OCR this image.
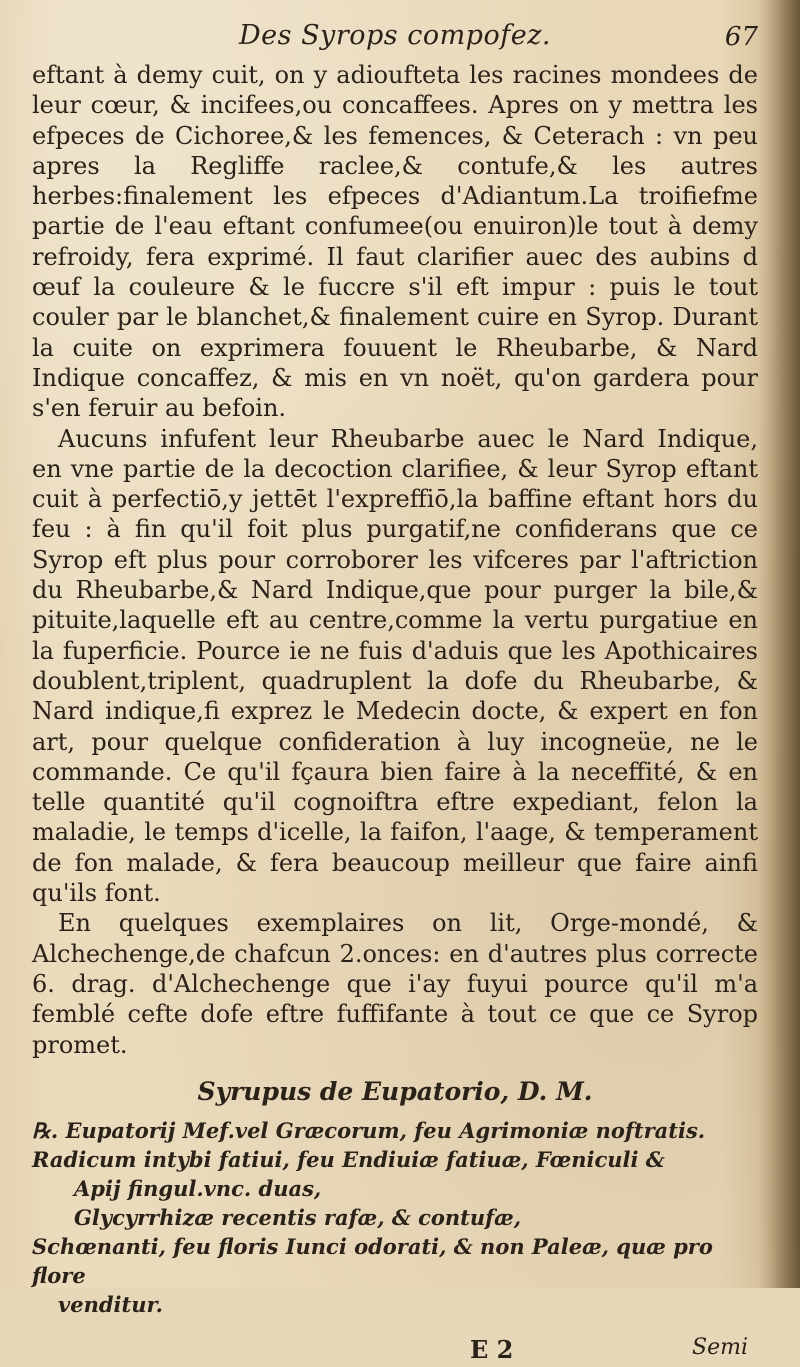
Des Syrops compofez.	67

eftant à demy cuit, on y adioufteta les racines mondees de leur cœur, & incifees,ou concaffees. Apres on y mettra les efpeces de Cichoree,& les femences, & Ceterach : vn peu apres la Regliffe raclee,& contufe,& les autres herbes:finalement les efpeces d'Adiantum.La troifiefme partie de l'eau eftant confumee(ou enuiron)le tout à demy refroidy, fera exprimé. Il faut clarifier auec des aubins d œuf la couleure & le fuccre s'il eft impur : puis le tout couler par le blanchet,& finalement cuire en Syrop. Durant la cuite on exprimera fouuent le Rheubarbe, & Nard Indique concaffez, & mis en vn noët, qu'on gardera pour s'en feruir au befoin.

Aucuns infufent leur Rheubarbe auec le Nard Indique, en vne partie de la decoction clarifiee, & leur Syrop eftant cuit à perfectiō,y jettēt l'expreffiō,la baffine eftant hors du feu : à fin qu'il foit plus purgatif,ne confiderans que ce Syrop eft plus pour corroborer les vifceres par l'aftriction du Rheubarbe,& Nard Indique,que pour purger la bile,& pituite,laquelle eft au centre,comme la vertu purgatiue en la fuperficie. Pource ie ne fuis d'aduis que les Apothicaires doublent,triplent, quadruplent la dofe du Rheubarbe, & Nard indique,fi exprez le Medecin docte, & expert en fon art, pour quelque confideration à luy incogneüe, ne le commande. Ce qu'il fçaura bien faire à la neceffité, & en telle quantité qu'il cognoiftra eftre expediant, felon la maladie, le temps d'icelle, la faifon, l'aage, & temperament de fon malade, & fera beaucoup meilleur que faire ainfi qu'ils font.

En quelques exemplaires on lit, Orge-mondé, & Alchechenge,de chafcun 2.onces: en d'autres plus correcte 6. drag. d'Alchechenge que i'ay fuyui pource qu'il m'a femblé cefte dofe eftre fuffifante à tout ce que ce Syrop promet.

Syrupus de Eupatorio, D. M.

℞. Eupatorij Mef.vel Græcorum, feu Agrimoniæ noftratis.

Radicum intybi fatiui, feu Endiuiæ fatiuæ, Fœniculi &

Apij fingul.vnc. duas,

Glycyrrhizæ recentis rafæ, & contufæ,

Schœnanti, feu floris Iunci odorati, & non Paleæ, quæ pro flore

venditur.

E 2	Semi
